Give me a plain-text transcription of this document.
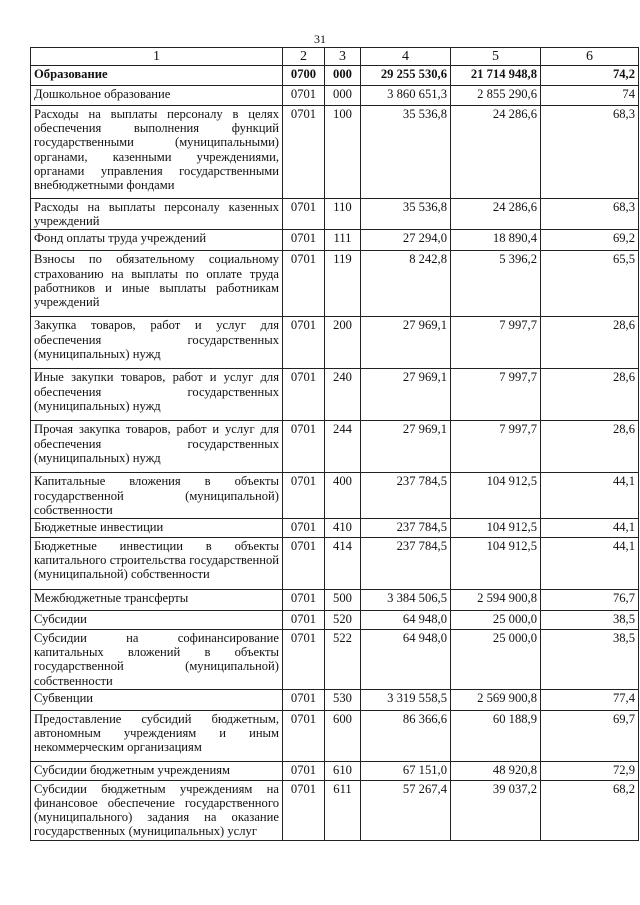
31
1	2	3	4	5	6
Образование	0700	000	29 255 530,6	21 714 948,8	74,2
Дошкольное образование	0701	000	3 860 651,3	2 855 290,6	74
Расходы на выплаты персоналу в целях обеспечения выполнения функций государственными (муниципальными) органами, казенными учреждениями, органами управления государственными внебюджетными фондами	0701	100	35 536,8	24 286,6	68,3
Расходы на выплаты персоналу казенных учреждений	0701	110	35 536,8	24 286,6	68,3
Фонд оплаты труда учреждений	0701	111	27 294,0	18 890,4	69,2
Взносы по обязательному социальному страхованию на выплаты по оплате труда работников и иные выплаты работникам учреждений	0701	119	8 242,8	5 396,2	65,5
Закупка товаров, работ и услуг для обеспечения государственных (муниципальных) нужд	0701	200	27 969,1	7 997,7	28,6
Иные закупки товаров, работ и услуг для обеспечения государственных (муниципальных) нужд	0701	240	27 969,1	7 997,7	28,6
Прочая закупка товаров, работ и услуг для обеспечения государственных (муниципальных) нужд	0701	244	27 969,1	7 997,7	28,6
Капитальные вложения в объекты государственной (муниципальной) собственности	0701	400	237 784,5	104 912,5	44,1
Бюджетные инвестиции	0701	410	237 784,5	104 912,5	44,1
Бюджетные инвестиции в объекты капитального строительства государственной (муниципальной) собственности	0701	414	237 784,5	104 912,5	44,1
Межбюджетные трансферты	0701	500	3 384 506,5	2 594 900,8	76,7
Субсидии	0701	520	64 948,0	25 000,0	38,5
Субсидии на софинансирование капитальных вложений в объекты государственной (муниципальной) собственности	0701	522	64 948,0	25 000,0	38,5
Субвенции	0701	530	3 319 558,5	2 569 900,8	77,4
Предоставление субсидий бюджетным, автономным учреждениям и иным некоммерческим организациям	0701	600	86 366,6	60 188,9	69,7
Субсидии бюджетным учреждениям	0701	610	67 151,0	48 920,8	72,9
Субсидии бюджетным учреждениям на финансовое обеспечение государственного (муниципального) задания на оказание государственных (муниципальных) услуг	0701	611	57 267,4	39 037,2	68,2
